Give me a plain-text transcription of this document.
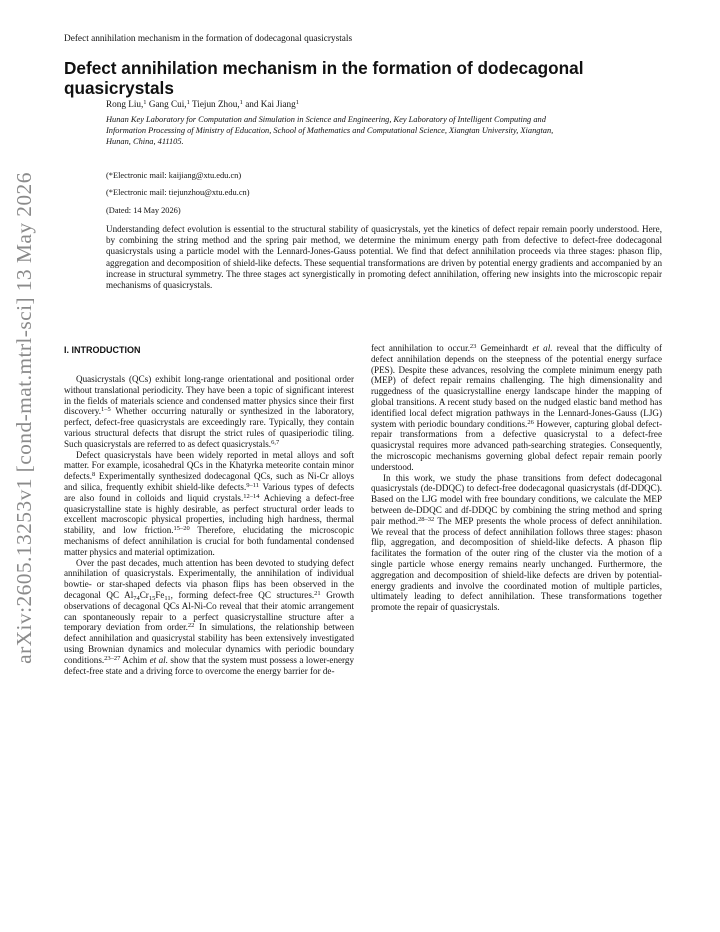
Defect annihilation mechanism in the formation of dodecagonal quasicrystals
arXiv:2605.13253v1 [cond-mat.mtrl-sci] 13 May 2026
Defect annihilation mechanism in the formation of dodecagonal quasicrystals
Rong Liu,$^1$ Gang Cui,$^1$ Tiejun Zhou,$^1$ and Kai Jiang$^1$
Hunan Key Laboratory for Computation and Simulation in Science and Engineering, Key Laboratory of Intelligent Computing and Information Processing of Ministry of Education, School of Mathematics and Computational Science, Xiangtan University, Xiangtan, Hunan, China, 411105.
(*Electronic mail: kaijiang@xtu.edu.cn)
(*Electronic mail: tiejunzhou@xtu.edu.cn)
(Dated: 14 May 2026)
Understanding defect evolution is essential to the structural stability of quasicrystals, yet the kinetics of defect repair remain poorly understood. Here, by combining the string method and the spring pair method, we determine the minimum energy path from defective to defect-free dodecagonal quasicrystals using a particle model with the Lennard-Jones-Gauss potential. We find that defect annihilation proceeds via three stages: phason flip, aggregation and decomposition of shield-like defects. These sequential transformations are driven by potential energy gradients and accompanied by an increase in structural symmetry. The three stages act synergistically in promoting defect annihilation, offering new insights into the microscopic repair mechanisms of quasicrystals.
I. INTRODUCTION

Quasicrystals (QCs) exhibit long-range orientational and positional order without translational periodicity. They have been a topic of significant interest in the fields of materials science and condensed matter physics since their first discovery.$^{1-5}$ Whether occurring naturally or synthesized in the laboratory, perfect, defect-free quasicrystals are exceedingly rare. Typically, they contain various structural defects that disrupt the strict rules of quasiperiodic tiling. Such quasicrystals are referred to as defect quasicrystals.$^{6,7}$

Defect quasicrystals have been widely reported in metal alloys and soft matter. For example, icosahedral QCs in the Khatyrka meteorite contain minor defects.$^8$ Experimentally synthesized dodecagonal QCs, such as Ni-Cr alloys and silica, frequently exhibit shield-like defects.$^{9-11}$ Various types of defects are also found in colloids and liquid crystals.$^{12-14}$ Achieving a defect-free quasicrystalline state is highly desirable, as perfect structural order leads to excellent macroscopic physical properties, including high hardness, thermal stability, and low friction.$^{15-20}$ Therefore, elucidating the microscopic mechanisms of defect annihilation is crucial for both fundamental condensed matter physics and material optimization.

Over the past decades, much attention has been devoted to studying defect annihilation of quasicrystals. Experimentally, the annihilation of individual bowtie- or star-shaped defects via phason flips has been observed in the decagonal QC $Al_{74}Cr_{15}Fe_{11}$, forming defect-free QC structures.$^{21}$ Growth observations of decagonal QCs Al-Ni-Co reveal that their atomic arrangement can spontaneously repair to a perfect quasicrystalline structure after a temporary deviation from order.$^{22}$ In simulations, the relationship between defect annihilation and quasicrystal stability has been extensively investigated using Brownian dynamics and molecular dynamics with periodic boundary conditions.$^{23-27}$ Achim et al. show that the system must possess a lower-energy defect-free state and a driving force to overcome the energy barrier for de-

fect annihilation to occur.$^{23}$ Gemeinhardt et al. reveal that the difficulty of defect annihilation depends on the steepness of the potential energy surface (PES). Despite these advances, resolving the complete minimum energy path (MEP) of defect repair remains challenging. The high dimensionality and ruggedness of the quasicrystalline energy landscape hinder the mapping of global transitions. A recent study based on the nudged elastic band method has identified local defect migration pathways in the Lennard-Jones-Gauss (LJG) system with periodic boundary conditions.$^{26}$ However, capturing global defect-repair transformations from a defective quasicrystal to a defect-free quasicrystal requires more advanced path-searching strategies. Consequently, the microscopic mechanisms governing global defect repair remain poorly understood.

In this work, we study the phase transitions from defect dodecagonal quasicrystals (de-DDQC) to defect-free dodecagonal quasicrystals (df-DDQC). Based on the LJG model with free boundary conditions, we calculate the MEP between de-DDQC and df-DDQC by combining the string method and spring pair method.$^{28-32}$ The MEP presents the whole process of defect annihilation. We reveal that the process of defect annihilation follows three stages: phason flip, aggregation, and decomposition of shield-like defects. A phason flip facilitates the formation of the outer ring of the cluster via the motion of a single particle whose energy remains nearly unchanged. Furthermore, the aggregation and decomposition of shield-like defects are driven by potential-energy gradients and involve the coordinated motion of multiple particles, ultimately leading to defect annihilation. These transformations together promote the repair of quasicrystals.
